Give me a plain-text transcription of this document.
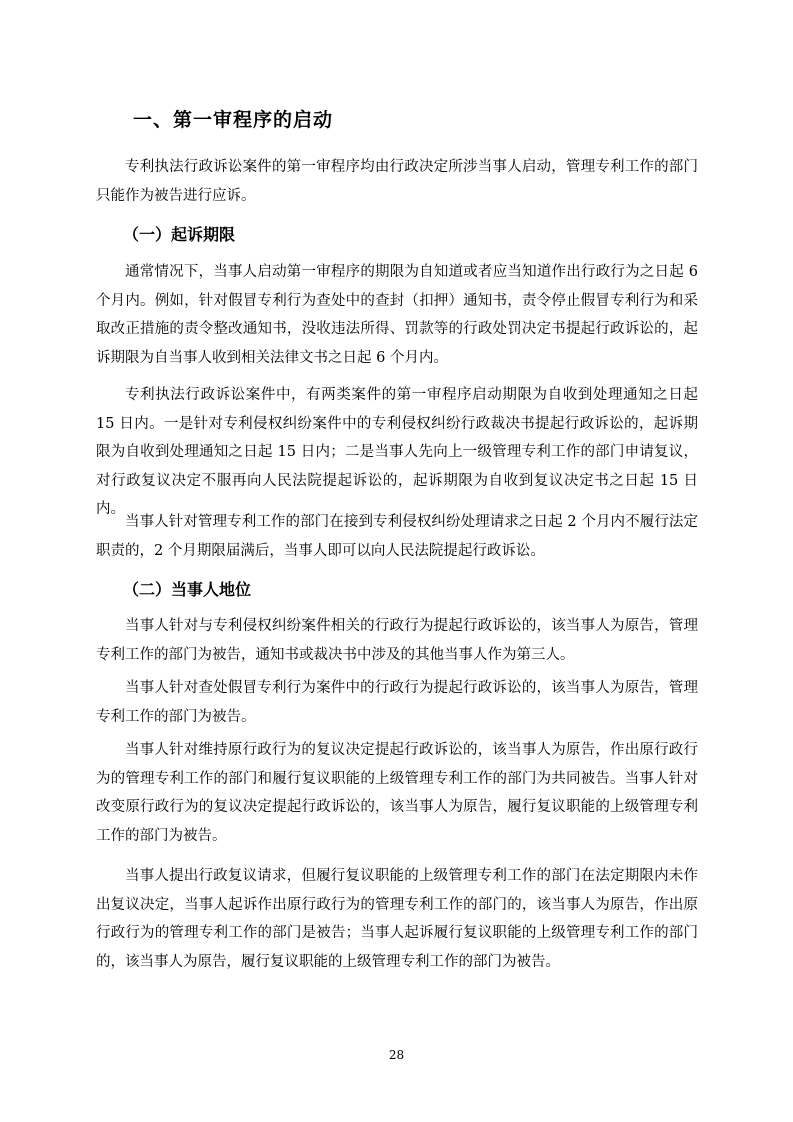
一、第一审程序的启动

专利执法行政诉讼案件的第一审程序均由行政决定所涉当事人启动，管理专利工作的部门只能作为被告进行应诉。

（一）起诉期限

通常情况下，当事人启动第一审程序的期限为自知道或者应当知道作出行政行为之日起 6 个月内。例如，针对假冒专利行为查处中的查封（扣押）通知书，责令停止假冒专利行为和采取改正措施的责令整改通知书，没收违法所得、罚款等的行政处罚决定书提起行政诉讼的，起诉期限为自当事人收到相关法律文书之日起 6 个月内。

专利执法行政诉讼案件中，有两类案件的第一审程序启动期限为自收到处理通知之日起 15 日内。一是针对专利侵权纠纷案件中的专利侵权纠纷行政裁决书提起行政诉讼的，起诉期限为自收到处理通知之日起 15 日内；二是当事人先向上一级管理专利工作的部门申请复议，对行政复议决定不服再向人民法院提起诉讼的，起诉期限为自收到复议决定书之日起 15 日内。

当事人针对管理专利工作的部门在接到专利侵权纠纷处理请求之日起 2 个月内不履行法定职责的，2 个月期限届满后，当事人即可以向人民法院提起行政诉讼。

（二）当事人地位

当事人针对与专利侵权纠纷案件相关的行政行为提起行政诉讼的，该当事人为原告，管理专利工作的部门为被告，通知书或裁决书中涉及的其他当事人作为第三人。

当事人针对查处假冒专利行为案件中的行政行为提起行政诉讼的，该当事人为原告，管理专利工作的部门为被告。

当事人针对维持原行政行为的复议决定提起行政诉讼的，该当事人为原告，作出原行政行为的管理专利工作的部门和履行复议职能的上级管理专利工作的部门为共同被告。当事人针对改变原行政行为的复议决定提起行政诉讼的，该当事人为原告，履行复议职能的上级管理专利工作的部门为被告。

当事人提出行政复议请求，但履行复议职能的上级管理专利工作的部门在法定期限内未作出复议决定，当事人起诉作出原行政行为的管理专利工作的部门的，该当事人为原告，作出原行政行为的管理专利工作的部门是被告；当事人起诉履行复议职能的上级管理专利工作的部门的，该当事人为原告，履行复议职能的上级管理专利工作的部门为被告。

28
